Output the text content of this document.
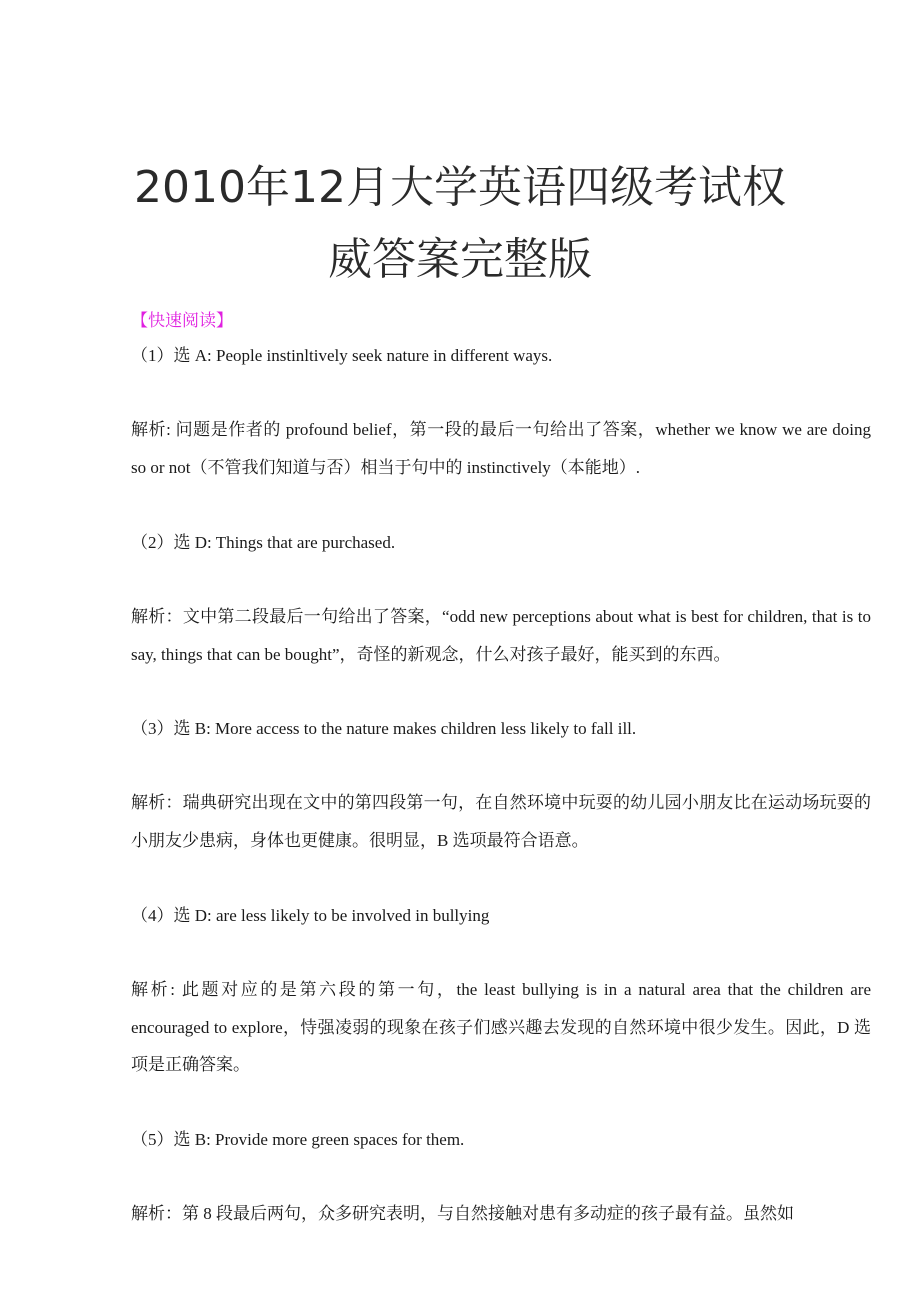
2010年12月大学英语四级考试权
威答案完整版

【快速阅读】

（1）选 A: People instinltively seek nature in different ways.

解析: 问题是作者的 profound belief，第一段的最后一句给出了答案，whether we know we are doing so or not（不管我们知道与否）相当于句中的 instinctively（本能地）.

（2）选 D: Things that are purchased.

解析：文中第二段最后一句给出了答案，“odd new perceptions about what is best for children, that is to say, things that can be bought”，奇怪的新观念，什么对孩子最好，能买到的东西。

（3）选 B: More access to the nature makes children less likely to fall ill.

解析：瑞典研究出现在文中的第四段第一句，在自然环境中玩耍的幼儿园小朋友比在运动场玩耍的小朋友少患病，身体也更健康。很明显，B 选项最符合语意。

（4）选 D: are less likely to be involved in bullying

解析: 此题对应的是第六段的第一句，the least bullying is in a natural area that the children are encouraged to explore，恃强凌弱的现象在孩子们感兴趣去发现的自然环境中很少发生。因此，D 选项是正确答案。

（5）选 B: Provide more green spaces for them.

解析：第 8 段最后两句，众多研究表明，与自然接触对患有多动症的孩子最有益。虽然如
